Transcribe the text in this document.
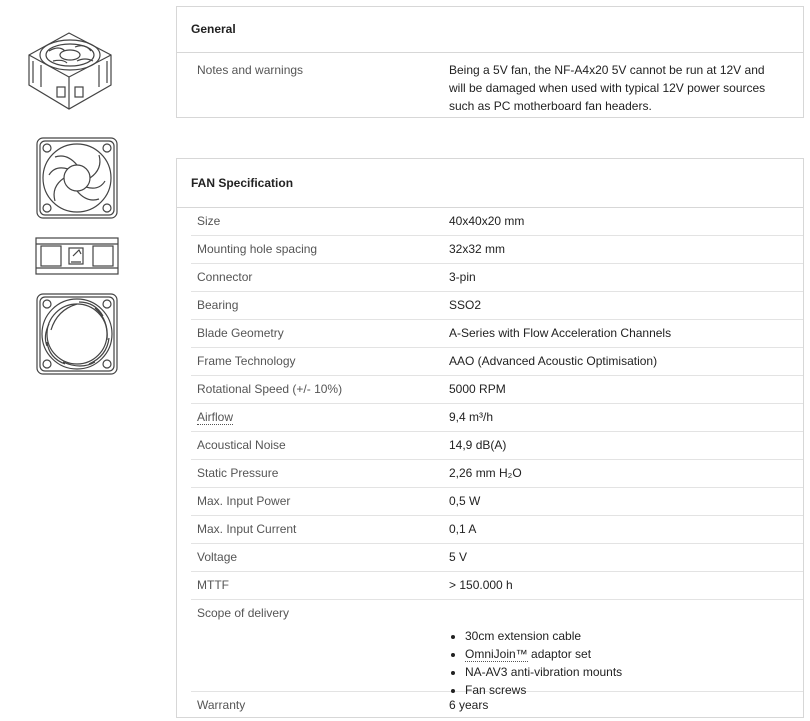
General
Notes and warnings	Being a 5V fan, the NF-A4x20 5V cannot be run at 12V and will be damaged when used with typical 12V power sources such as PC motherboard fan headers.
FAN Specification
Size	40x40x20 mm
Mounting hole spacing	32x32 mm
Connector	3-pin
Bearing	SSO2
Blade Geometry	A-Series with Flow Acceleration Channels
Frame Technology	AAO (Advanced Acoustic Optimisation)
Rotational Speed (+/- 10%)	5000 RPM
Airflow	9,4 m³/h
Acoustical Noise	14,9 dB(A)
Static Pressure	2,26 mm H₂O
Max. Input Power	0,5 W
Max. Input Current	0,1 A
Voltage	5 V
MTTF	> 150.000 h
Scope of delivery
• 30cm extension cable
• OmniJoin™ adaptor set
• NA-AV3 anti-vibration mounts
• Fan screws
Warranty	6 years
